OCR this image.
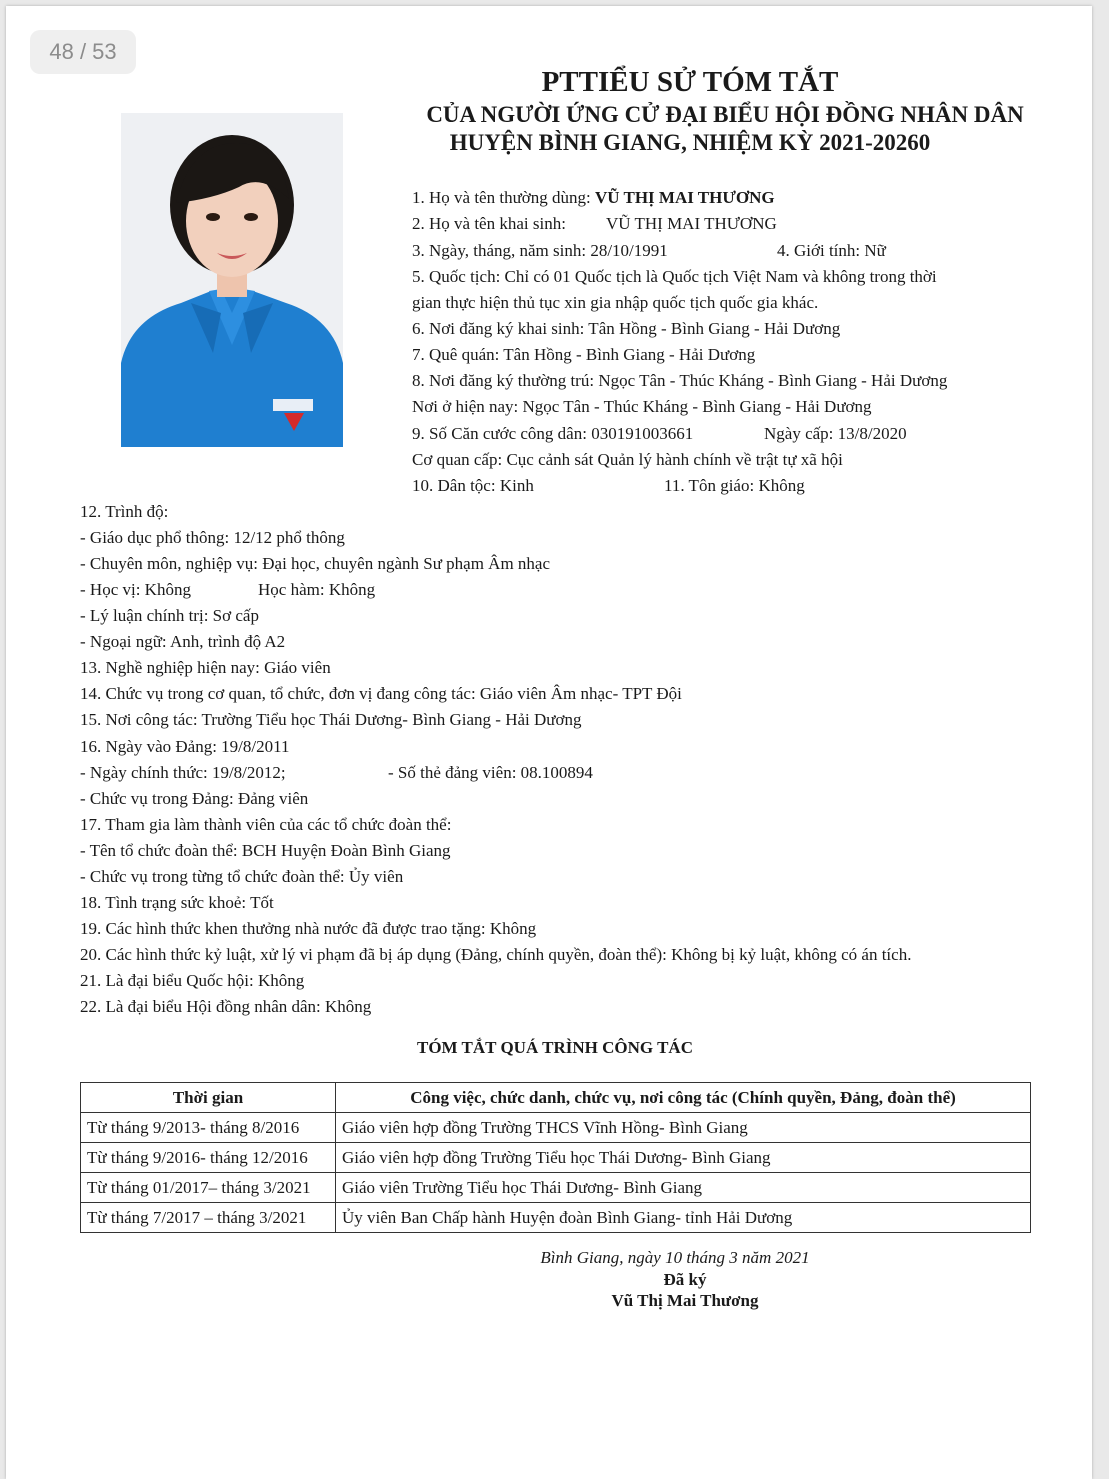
48 / 53
PTTIỂU SỬ TÓM TẮT
CỦA NGƯỜI ỨNG CỬ ĐẠI BIỂU HỘI ĐỒNG NHÂN DÂN
HUYỆN BÌNH GIANG, NHIỆM KỲ 2021-20260
1. Họ và tên thường dùng: VŨ THỊ MAI THƯƠNG
2. Họ và tên khai sinh: VŨ THỊ MAI THƯƠNG
3. Ngày, tháng, năm sinh: 28/10/1991	4. Giới tính: Nữ
5. Quốc tịch: Chỉ có 01 Quốc tịch là Quốc tịch Việt Nam và không trong thời
gian thực hiện thủ tục xin gia nhập quốc tịch quốc gia khác.
6. Nơi đăng ký khai sinh: Tân Hồng - Bình Giang - Hải Dương
7. Quê quán: Tân Hồng - Bình Giang - Hải Dương
8. Nơi đăng ký thường trú: Ngọc Tân - Thúc Kháng - Bình Giang - Hải Dương
Nơi ở hiện nay: Ngọc Tân - Thúc Kháng - Bình Giang - Hải Dương
9. Số Căn cước công dân: 030191003661	Ngày cấp: 13/8/2020
Cơ quan cấp: Cục cảnh sát Quản lý hành chính về trật tự xã hội
10. Dân tộc: Kinh	11. Tôn giáo: Không
12. Trình độ:
- Giáo dục phổ thông: 12/12 phổ thông
- Chuyên môn, nghiệp vụ: Đại học, chuyên ngành Sư phạm Âm nhạc
- Học vị: Không	Học hàm: Không
- Lý luận chính trị: Sơ cấp
- Ngoại ngữ: Anh, trình độ A2
13. Nghề nghiệp hiện nay: Giáo viên
14. Chức vụ trong cơ quan, tổ chức, đơn vị đang công tác: Giáo viên Âm nhạc- TPT Đội
15. Nơi công tác: Trường Tiểu học Thái Dương- Bình Giang - Hải Dương
16. Ngày vào Đảng: 19/8/2011
- Ngày chính thức: 19/8/2012;	- Số thẻ đảng viên: 08.100894
- Chức vụ trong Đảng: Đảng viên
17. Tham gia làm thành viên của các tổ chức đoàn thể:
- Tên tổ chức đoàn thể: BCH Huyện Đoàn Bình Giang
- Chức vụ trong từng tổ chức đoàn thể: Ủy viên
18. Tình trạng sức khoẻ: Tốt
19. Các hình thức khen thưởng nhà nước đã được trao tặng: Không
20. Các hình thức kỷ luật, xử lý vi phạm đã bị áp dụng (Đảng, chính quyền, đoàn thể): Không bị kỷ luật, không có án tích.
21. Là đại biểu Quốc hội: Không
22. Là đại biểu Hội đồng nhân dân: Không
TÓM TẮT QUÁ TRÌNH CÔNG TÁC
Thời gian	Công việc, chức danh, chức vụ, nơi công tác (Chính quyền, Đảng, đoàn thể)
Từ tháng 9/2013- tháng 8/2016	Giáo viên hợp đồng Trường THCS Vĩnh Hồng- Bình Giang
Từ tháng 9/2016- tháng 12/2016	Giáo viên hợp đồng Trường Tiểu học Thái Dương- Bình Giang
Từ tháng 01/2017– tháng 3/2021	Giáo viên Trường Tiểu học Thái Dương- Bình Giang
Từ tháng 7/2017 – tháng 3/2021	Ủy viên Ban Chấp hành Huyện đoàn Bình Giang- tỉnh Hải Dương
Bình Giang, ngày 10 tháng 3 năm 2021
Đã ký
Vũ Thị Mai Thương
